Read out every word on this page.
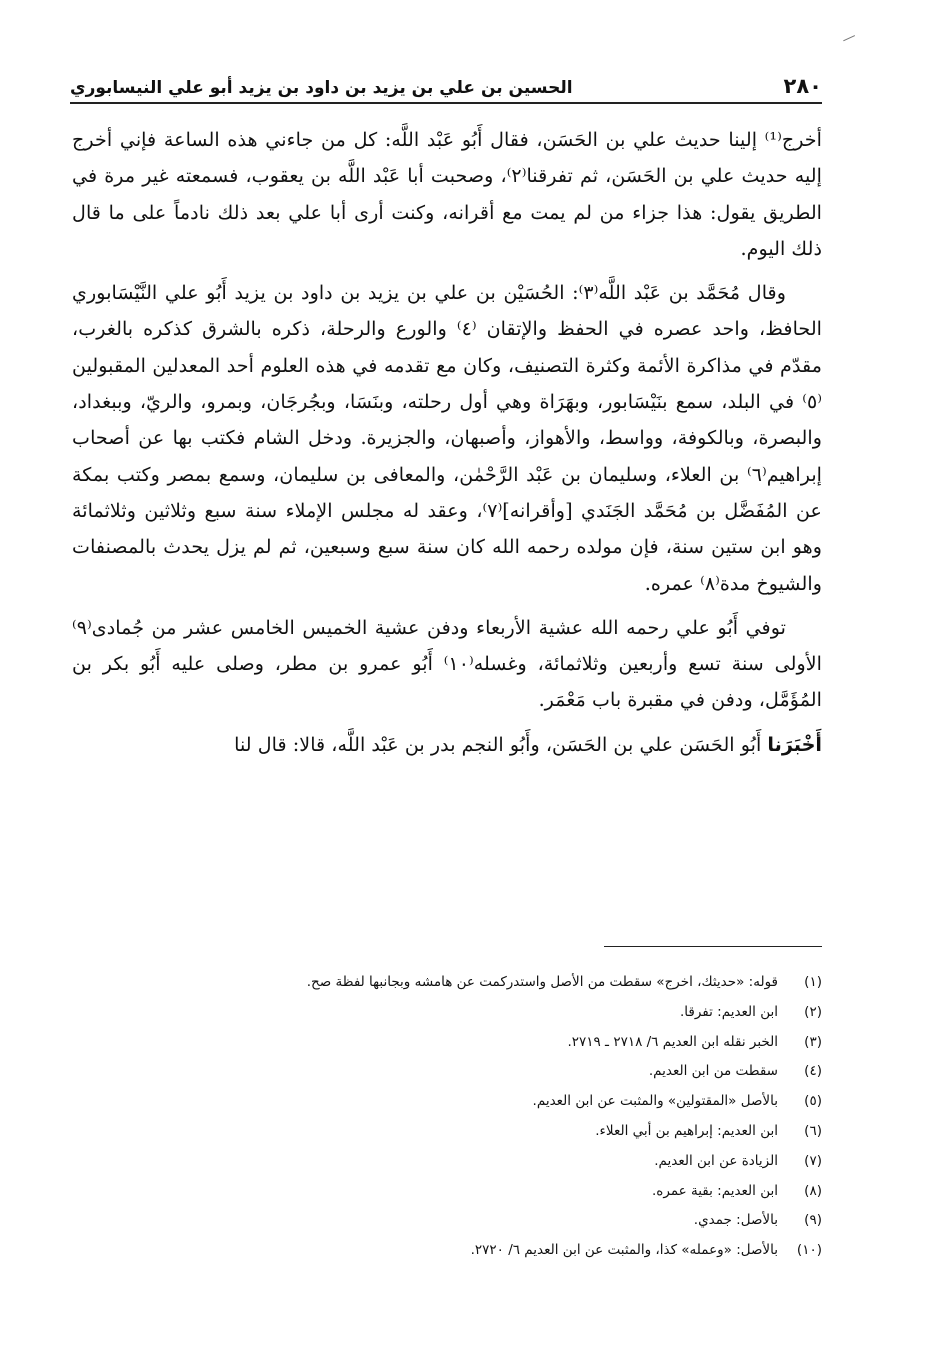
—
٢٨٠
الحسين بن علي بن يزيد بن داود بن يزيد أبو علي النيسابوري

أخرج⁽¹⁾ إلينا حديث علي بن الحَسَن، فقال أَبُو عَبْد اللَّه: كل من جاءني هذه الساعة فإني أخرج إليه حديث علي بن الحَسَن، ثم تفرقنا⁽٢⁾، وصحبت أبا عَبْد اللَّه بن يعقوب، فسمعته غير مرة في الطريق يقول: هذا جزاء من لم يمت مع أقرانه، وكنت أرى أبا علي بعد ذلك نادماً على ما قال ذلك اليوم.

وقال مُحَمَّد بن عَبْد اللَّه⁽٣⁾: الحُسَيْن بن علي بن يزيد بن داود بن يزيد أَبُو علي النَّيْسَابوري الحافظ، واحد عصره في الحفظ والإتقان ⁽٤⁾ والورع والرحلة، ذكره بالشرق كذكره بالغرب، مقدّم في مذاكرة الأئمة وكثرة التصنيف، وكان مع تقدمه في هذه العلوم أحد المعدلين المقبولين ⁽٥⁾ في البلد، سمع بنَيْسَابور، وبهَرَاة وهي أول رحلته، وبنَسَا، وبجُرجَان، وبمرو، والريّ، وببغداد، والبصرة، وبالكوفة، وواسط، والأهواز، وأصبهان، والجزيرة. ودخل الشام فكتب بها عن أصحاب إبراهيم⁽٦⁾ بن العلاء، وسليمان بن عَبْد الرَّحْمٰن، والمعافى بن سليمان، وسمع بمصر وكتب بمكة عن المُفَضَّل بن مُحَمَّد الجَنَدي [وأقرانه]⁽٧⁾، وعقد له مجلس الإملاء سنة سبع وثلاثين وثلاثمائة وهو ابن ستين سنة، فإن مولده رحمه الله كان سنة سبع وسبعين، ثم لم يزل يحدث بالمصنفات والشيوخ مدة⁽٨⁾ عمره.

توفي أَبُو علي رحمه الله عشية الأربعاء ودفن عشية الخميس الخامس عشر من جُمادى⁽٩⁾ الأولى سنة تسع وأربعين وثلاثمائة، وغسله⁽١٠⁾ أَبُو عمرو بن مطر، وصلى عليه أَبُو بكر بن المُؤَمَّل، ودفن في مقبرة باب مَعْمَر.

أَخْبَرَنا أَبُو الحَسَن علي بن الحَسَن، وأَبُو النجم بدر بن عَبْد اللَّه، قالا: قال لنا

(١)
قوله: «حديثك، اخرج» سقطت من الأصل واستدركمت عن هامشه وبجانبها لفظة صح.
(٢)
ابن العديم: تفرقا.
(٣)
الخبر نقله ابن العديم ٦/ ٢٧١٨ ـ ٢٧١٩.
(٤)
سقطت من ابن العديم.
(٥)
بالأصل «المقتولين» والمثبت عن ابن العديم.
(٦)
ابن العديم: إبراهيم بن أبي العلاء.
(٧)
الزيادة عن ابن العديم.
(٨)
ابن العديم: بقية عمره.
(٩)
بالأصل: جمدي.
(١٠)
بالأصل: «وعمله» كذا، والمثبت عن ابن العديم ٦/ ٢٧٢٠.
